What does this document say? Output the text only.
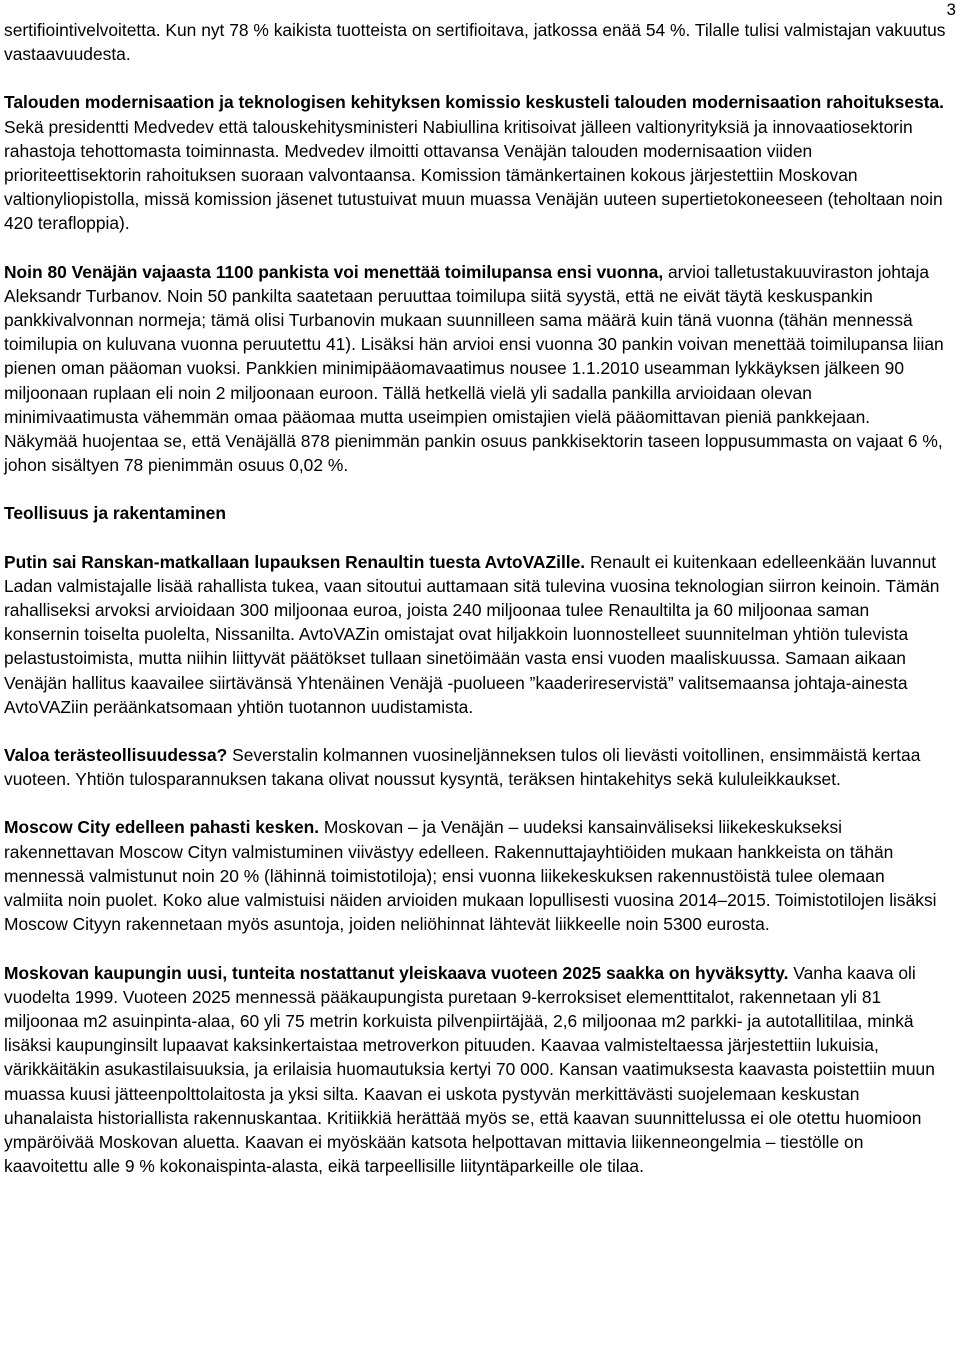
3

sertifiointivelvoitetta. Kun nyt 78 % kaikista tuotteista on sertifioitava, jatkossa enää 54 %. Tilalle tulisi valmistajan vakuutus vastaavuudesta.

Talouden modernisaation ja teknologisen kehityksen komissio keskusteli talouden modernisaation rahoituksesta. Sekä presidentti Medvedev että talouskehitysministeri Nabiullina kritisoivat jälleen valtionyrityksiä ja innovaatiosektorin rahastoja tehottomasta toiminnasta. Medvedev ilmoitti ottavansa Venäjän talouden modernisaation viiden prioriteettisektorin rahoituksen suoraan valvontaansa. Komission tämänkertainen kokous järjestettiin Moskovan valtionyliopistolla, missä komission jäsenet tutustuivat muun muassa Venäjän uuteen supertietokoneeseen (teholtaan noin 420 terafloppia).

Noin 80 Venäjän vajaasta 1100 pankista voi menettää toimilupansa ensi vuonna, arvioi talletustakuuviraston johtaja Aleksandr Turbanov. Noin 50 pankilta saatetaan peruuttaa toimilupa siitä syystä, että ne eivät täytä keskuspankin pankkivalvonnan normeja; tämä olisi Turbanovin mukaan suunnilleen sama määrä kuin tänä vuonna (tähän mennessä toimilupia on kuluvana vuonna peruutettu 41). Lisäksi hän arvioi ensi vuonna 30 pankin voivan menettää toimilupansa liian pienen oman pääoman vuoksi. Pankkien minimipääomavaatimus nousee 1.1.2010 useamman lykkäyksen jälkeen 90 miljoonaan ruplaan eli noin 2 miljoonaan euroon. Tällä hetkellä vielä yli sadalla pankilla arvioidaan olevan minimivaatimusta vähemmän omaa pääomaa mutta useimpien omistajien vielä pääomittavan pieniä pankkejaan. Näkymää huojentaa se, että Venäjällä 878 pienimmän pankin osuus pankkisektorin taseen loppusummasta on vajaat 6 %, johon sisältyen 78 pienimmän osuus 0,02 %.

Teollisuus ja rakentaminen

Putin sai Ranskan-matkallaan lupauksen Renaultin tuesta AvtoVAZille. Renault ei kuitenkaan edelleenkään luvannut Ladan valmistajalle lisää rahallista tukea, vaan sitoutui auttamaan sitä tulevina vuosina teknologian siirron keinoin. Tämän rahalliseksi arvoksi arvioidaan 300 miljoonaa euroa, joista 240 miljoonaa tulee Renaultilta ja 60 miljoonaa saman konsernin toiselta puolelta, Nissanilta. AvtoVAZin omistajat ovat hiljakkoin luonnostelleet suunnitelman yhtiön tulevista pelastustoimista, mutta niihin liittyvät päätökset tullaan sinetöimään vasta ensi vuoden maaliskuussa. Samaan aikaan Venäjän hallitus kaavailee siirtävänsä Yhtenäinen Venäjä -puolueen ”kaaderireservistä” valitsemaansa johtaja-ainesta AvtoVAZiin peräänkatsomaan yhtiön tuotannon uudistamista.

Valoa terästeollisuudessa? Severstalin kolmannen vuosineljänneksen tulos oli lievästi voitollinen, ensimmäistä kertaa vuoteen. Yhtiön tulosparannuksen takana olivat noussut kysyntä, teräksen hintakehitys sekä kululeikkaukset.

Moscow City edelleen pahasti kesken. Moskovan – ja Venäjän – uudeksi kansainväliseksi liikekeskukseksi rakennettavan Moscow Cityn valmistuminen viivästyy edelleen. Rakennuttajayhtiöiden mukaan hankkeista on tähän mennessä valmistunut noin 20 % (lähinnä toimistotiloja); ensi vuonna liikekeskuksen rakennustöistä tulee olemaan valmiita noin puolet. Koko alue valmistuisi näiden arvioiden mukaan lopullisesti vuosina 2014–2015. Toimistotilojen lisäksi Moscow Cityyn rakennetaan myös asuntoja, joiden neliöhinnat lähtevät liikkeelle noin 5300 eurosta.

Moskovan kaupungin uusi, tunteita nostattanut yleiskaava vuoteen 2025 saakka on hyväksytty. Vanha kaava oli vuodelta 1999. Vuoteen 2025 mennessä pääkaupungista puretaan 9-kerroksiset elementtitalot, rakennetaan yli 81 miljoonaa m2 asuinpinta-alaa, 60 yli 75 metrin korkuista pilvenpiirtäjää, 2,6 miljoonaa m2 parkki- ja autotallitilaa, minkä lisäksi kaupunginsilt lupaavat kaksinkertaistaa metroverkon pituuden. Kaavaa valmisteltaessa järjestettiin lukuisia, värikkäitäkin asukastilaisuuksia, ja erilaisia huomautuksia kertyi 70 000. Kansan vaatimuksesta kaavasta poistettiin muun muassa kuusi jätteenpolttolaitosta ja yksi silta. Kaavan ei uskota pystyvän merkittävästi suojelemaan keskustan uhanalaista historiallista rakennuskantaa. Kritiikkiä herättää myös se, että kaavan suunnittelussa ei ole otettu huomioon ympäröivää Moskovan aluetta. Kaavan ei myöskään katsota helpottavan mittavia liikenneongelmia – tiestölle on kaavoitettu alle 9 % kokonaispinta-alasta, eikä tarpeellisille liityntäparkeille ole tilaa.
